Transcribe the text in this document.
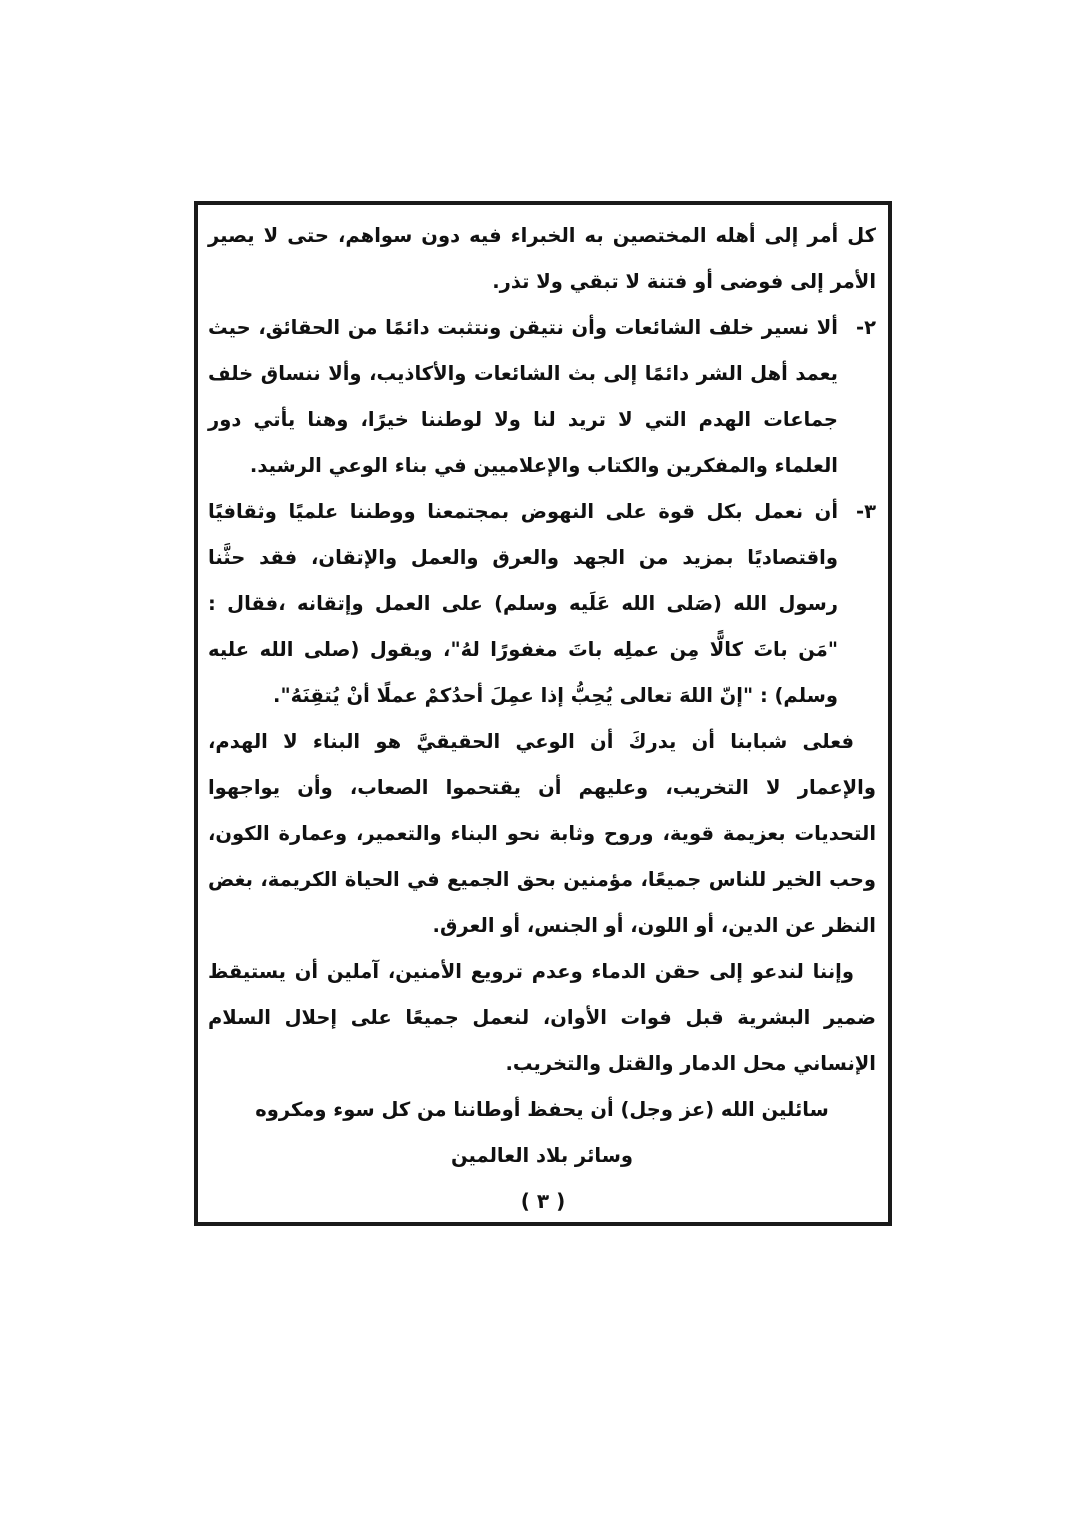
كل أمر إلى أهله المختصين به الخبراء فيه دون سواهم، حتى لا يصير الأمر إلى فوضى أو فتنة لا تبقي ولا تذر.

٢-
ألا نسير خلف الشائعات وأن نتيقن ونتثبت دائمًا من الحقائق، حيث يعمد أهل الشر دائمًا إلى بث الشائعات والأكاذيب، وألا ننساق خلف جماعات الهدم التي لا تريد لنا ولا لوطننا خيرًا، وهنا يأتي دور العلماء والمفكرين والكتاب والإعلاميين في بناء الوعي الرشيد.
٣-
أن نعمل بكل قوة على النهوض بمجتمعنا ووطننا علميًا وثقافيًا واقتصاديًا بمزيد من الجهد والعرق والعمل والإتقان، فقد حثَّنا رسول الله (صَلى الله عَلَيه وسلم) على العمل وإتقانه ،فقال : "مَن باتَ كالًّا مِن عملِه باتَ مغفورًا لهُ"، ويقول (صلى الله عليه وسلم) : "إنّ اللهَ تعالى يُحِبُّ إذا عمِلَ أحدُكمْ عملًا أنْ يُتقِنَهُ".

فعلى شبابنا أن يدركَ أن الوعي الحقيقيَّ هو البناء لا الهدم، والإعمار لا التخريب، وعليهم أن يقتحموا الصعاب، وأن يواجهوا التحديات بعزيمة قوية، وروح وثابة نحو البناء والتعمير، وعمارة الكون، وحب الخير للناس جميعًا، مؤمنين بحق الجميع في الحياة الكريمة، بغض النظر عن الدين، أو اللون، أو الجنس، أو العرق.

وإننا لندعو إلى حقن الدماء وعدم ترويع الأمنين، آملين أن يستيقظ ضمير البشرية قبل فوات الأوان، لنعمل جميعًا على إحلال السلام الإنساني محل الدمار والقتل والتخريب.

سائلين الله (عز وجل) أن يحفظ أوطاننا من كل سوء ومكروه

وسائر بلاد العالمين

( ٣ )
